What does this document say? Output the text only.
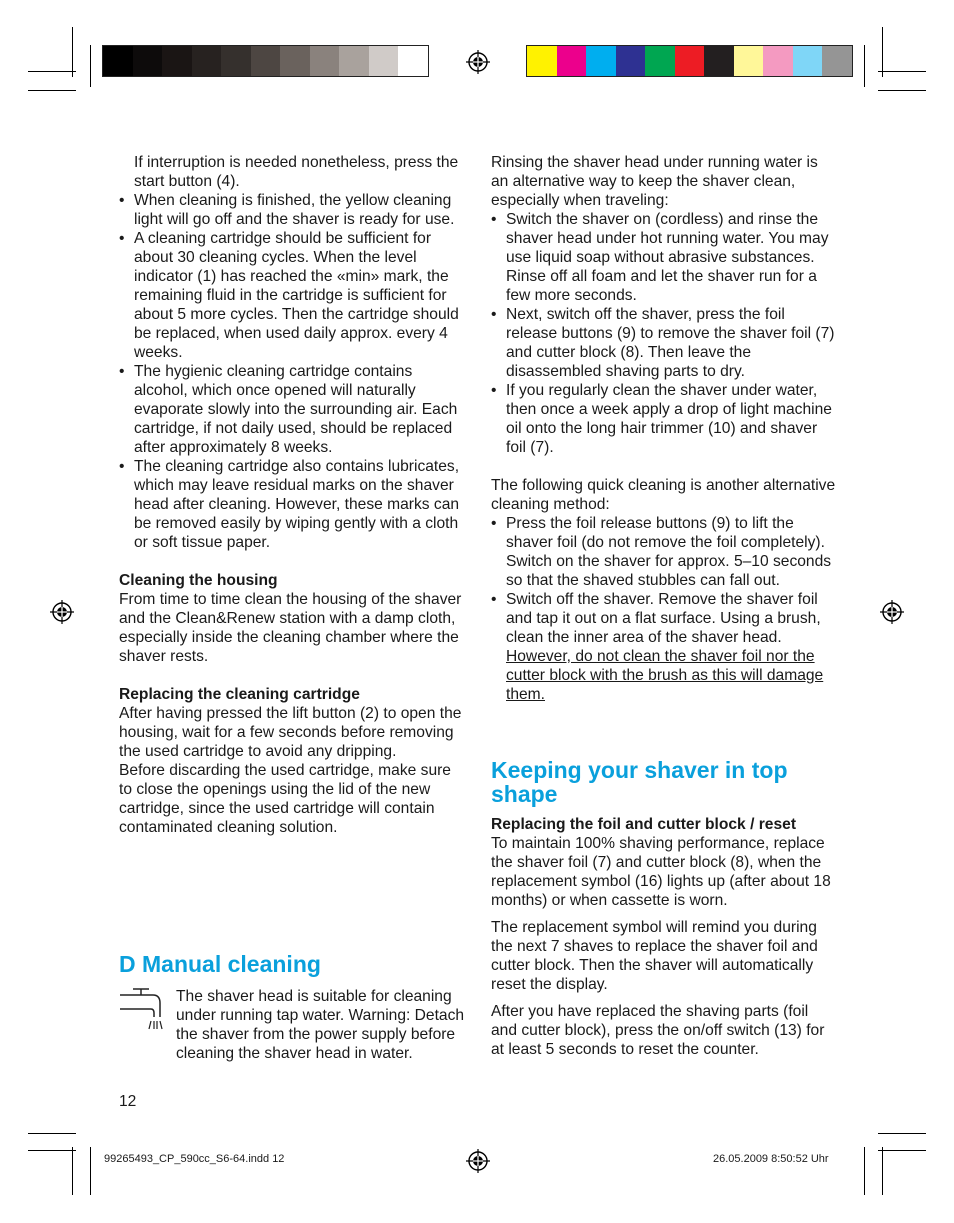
If interruption is needed nonetheless, press the start button (4).

• When cleaning is finished, the yellow cleaning light will go off and the shaver is ready for use.
• A cleaning cartridge should be sufficient for about 30 cleaning cycles. When the level indicator (1) has reached the «min» mark, the remaining fluid in the cartridge is sufficient for about 5 more cycles. Then the cartridge should be replaced, when used daily approx. every 4 weeks.
• The hygienic cleaning cartridge contains alcohol, which once opened will naturally evaporate slowly into the surrounding air. Each cartridge, if not daily used, should be replaced after approximately 8 weeks.
• The cleaning cartridge also contains lubricates, which may leave residual marks on the shaver head after cleaning. However, these marks can be removed easily by wiping gently with a cloth or soft tissue paper.

Cleaning the housing

From time to time clean the housing of the shaver and the Clean&Renew station with a damp cloth, especially inside the cleaning chamber where the shaver rests.

Replacing the cleaning cartridge

After having pressed the lift button (2) to open the housing, wait for a few seconds before removing the used cartridge to avoid any dripping.

Before discarding the used cartridge, make sure to close the openings using the lid of the new cartridge, since the used cartridge will contain contaminated cleaning solution.

D Manual cleaning

The shaver head is suitable for cleaning under running tap water. Warning: Detach the shaver from the power supply before cleaning the shaver head in water.

Rinsing the shaver head under running water is an alternative way to keep the shaver clean, especially when traveling:

• Switch the shaver on (cordless) and rinse the shaver head under hot running water. You may use liquid soap without abrasive substances. Rinse off all foam and let the shaver run for a few more seconds.
• Next, switch off the shaver, press the foil release buttons (9) to remove the shaver foil (7) and cutter block (8). Then leave the disassembled shaving parts to dry.
• If you regularly clean the shaver under water, then once a week apply a drop of light machine oil onto the long hair trimmer (10) and shaver foil (7).

The following quick cleaning is another alternative cleaning method:

• Press the foil release buttons (9) to lift the shaver foil (do not remove the foil completely). Switch on the shaver for approx. 5–10 seconds so that the shaved stubbles can fall out.
• Switch off the shaver. Remove the shaver foil and tap it out on a flat surface. Using a brush, clean the inner area of the shaver head. However, do not clean the shaver foil nor the cutter block with the brush as this will damage them.
Keeping your shaver in top shape

Replacing the foil and cutter block / reset

To maintain 100% shaving performance, replace the shaver foil (7) and cutter block (8), when the replacement symbol (16) lights up (after about 18 months) or when cassette is worn.

The replacement symbol will remind you during the next 7 shaves to replace the shaver foil and cutter block. Then the shaver will automatically reset the display.

After you have replaced the shaving parts (foil and cutter block), press the on/off switch (13) for at least 5 seconds to reset the counter.

12
99265493_CP_590cc_S6-64.indd 12	26.05.2009 8:50:52 Uhr
